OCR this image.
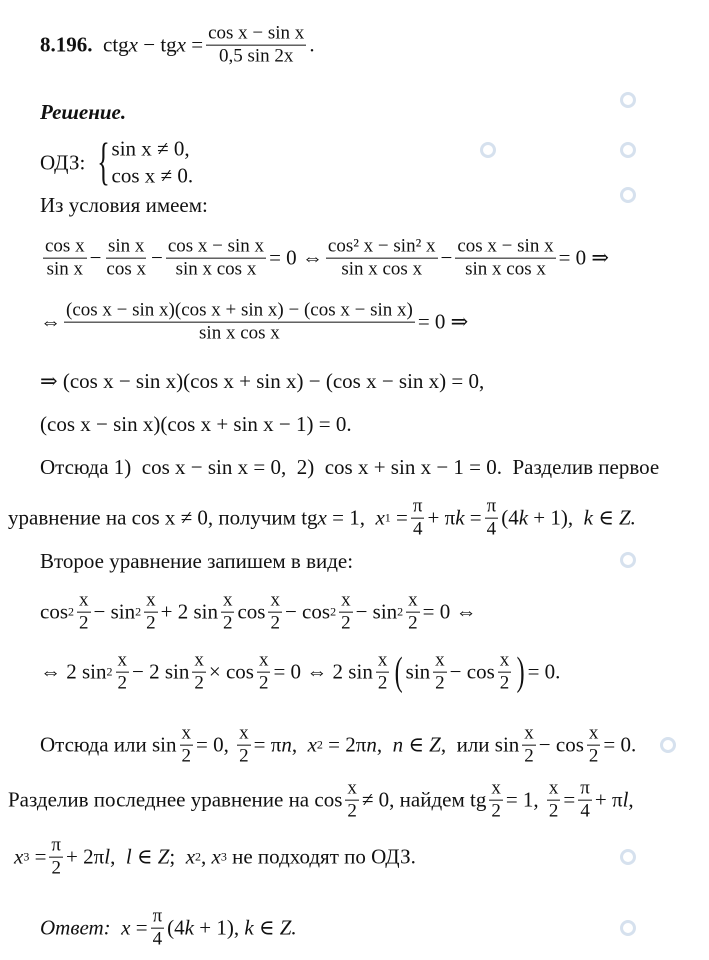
8.196. ctg x − tg $x = \frac{\text{cos x − sin x}}{0,5 \sin 2x}$ .
Решение.
ОДЗ: { sin x ≠ 0,
cos x ≠ 0.
Из условия имеем:
$\frac{\text{cos x}}{\text{sin x}} - \frac{\text{sin x}}{\text{cos x}} - \frac{\text{cos x − sin x}}{\text{sin x cos x}} = 0$ ⇔ $\frac{\text{cos² x − sin² x}}{\text{sin x cos x}} - \frac{\text{cos x − sin x}}{\text{sin x cos x}} = 0$ ⇒
⇔ $\frac{\text{(cos x − sin x)(cos x + sin x) − (cos x − sin x)}}{\text{sin x cos x}} = 0$ ⇒
⇒ (cos x − sin x)(cos x + sin x) − (cos x − sin x) = 0,
(cos x − sin x)(cos x + sin x − 1) = 0.
Отсюда 1)  cos x − sin x = 0,  2)  cos x + sin x − 1 = 0.  Разделив первое
уравнение на cos x ≠ 0, получим tg x = 1, x $1 = \frac{\pi}{4} + \pi$ $k = \frac{\pi}{4} (4$ k + 1), k ∈ Z.
Второе уравнение запишем в виде:
$\cos 2 \frac{x}{2} - \sin 2 \frac{x}{2} + 2$ $\sin \frac{x}{2}$ $\cos \frac{x}{2} - \cos 2 \frac{x}{2} - \sin 2 \frac{x}{2} = 0$ ⇔
⇔ 2 $\sin 2 \frac{x}{2} - 2$ $\sin \frac{x}{2} \times \cos \frac{x}{2} = 0$ ⇔ 2 $\sin \frac{x}{2}$ ( $\sin \frac{x}{2} - \cos \frac{x}{2}$ ) = 0.
Отсюда или $\sin \frac{x}{2} = 0$, $\frac{x}{2} = \pi$ n , x 2 = 2π n , n ∈ Z ,  или $\sin \frac{x}{2} - \cos \frac{x}{2} = 0$.
Разделив последнее уравнение на $\cos \frac{x}{2} \ne 0$, найдем tg $\frac{x}{2} = 1$, $\frac{x}{2} = \frac{\pi}{4} + \pi$ l ,
x $3 = \frac{\pi}{2} + 2\pi$ l , l ∈ Z ; x 2 , x 3 не подходят по ОДЗ.
Ответ:
$x = \frac{\pi}{4} (4$ k + 1), k ∈ Z.
